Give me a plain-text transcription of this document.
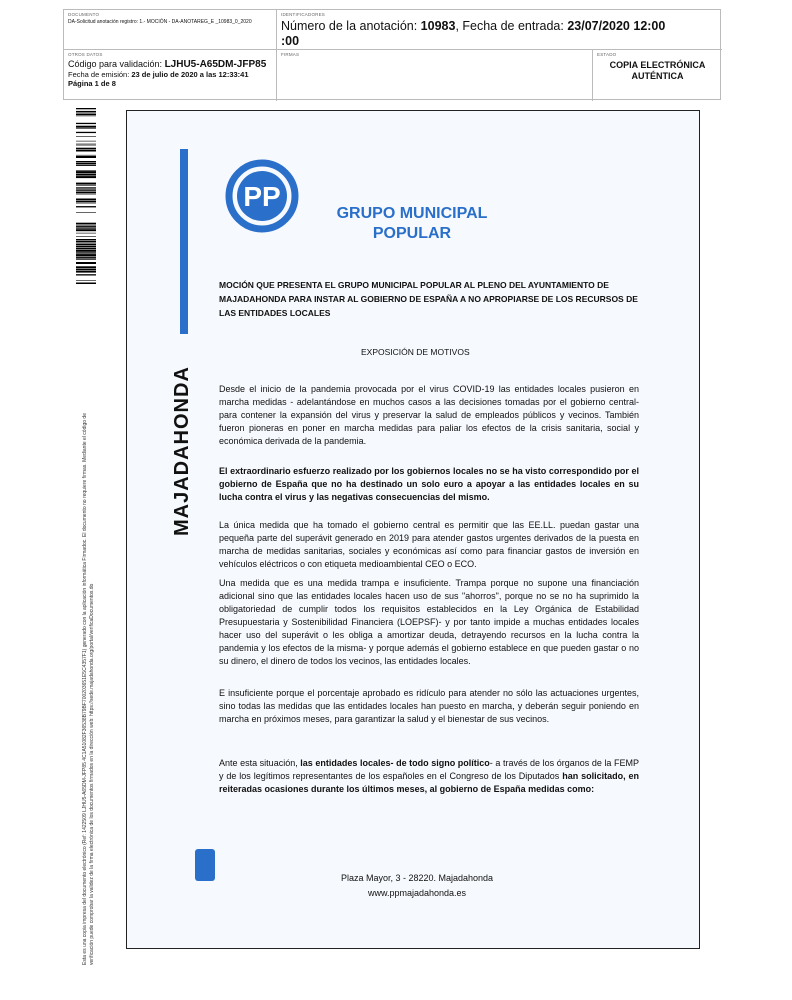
DOCUMENTO
DA-Solicitud anotación registro: 1.- MOCIÓN - DA-ANOTAREG_E _10983_0_2020
IDENTIFICADORES
Número de la anotación: 10983, Fecha de entrada: 23/07/2020 12:00
:00
OTROS DATOS
Código para validación: LJHU5-A65DM-JFP85
Fecha de emisión: 23 de julio de 2020 a las 12:33:41
Página 1 de 8
FIRMAS	ESTADO
COPIA ELECTRÓNICA
AUTÉNTICA
Esta es una copia impresa del documento electrónico (Ref: 1422509 LJHU5-A65DM-JFP85 4C1A51082F36538B79BF700203651E5C4357F1) generado con la aplicación informática Firmadoc. El documento no requiere firmas. Mediante el código de verificación puede comprobar la validez de la firma electrónica de los documentos firmados en la dirección web: https://sede.majadahonda.org/portal/verificaDocumentos.do
PP
GRUPO MUNICIPAL
POPULAR
MOCIÓN QUE PRESENTA EL GRUPO MUNICIPAL POPULAR AL PLENO DEL AYUNTAMIENTO DE MAJADAHONDA PARA INSTAR AL GOBIERNO DE ESPAÑA A NO APROPIARSE DE LOS RECURSOS DE LAS ENTIDADES LOCALES
EXPOSICIÓN DE MOTIVOS
MAJADAHONDA	Desde el inicio de la pandemia provocada por el virus COVID-19 las entidades locales pusieron en marcha medidas - adelantándose en muchos casos a las decisiones tomadas por el gobierno central- para contener la expansión del virus y preservar la salud de empleados públicos y vecinos. También fueron pioneras en poner en marcha medidas para paliar los efectos de la crisis sanitaria, social y económica derivada de la pandemia.
El extraordinario esfuerzo realizado por los gobiernos locales no se ha visto correspondido por el gobierno de España que no ha destinado un solo euro a apoyar a las entidades locales en su lucha contra el virus y las negativas consecuencias del mismo.
La única medida que ha tomado el gobierno central es permitir que las EE.LL. puedan gastar una pequeña parte del superávit generado en 2019 para atender gastos urgentes derivados de la puesta en marcha de medidas sanitarias, sociales y económicas así como para financiar gastos de inversión en vehículos eléctricos o con etiqueta medioambiental CEO o ECO.
Una medida que es una medida trampa e insuficiente. Trampa porque no supone una financiación adicional sino que las entidades locales hacen uso de sus "ahorros", porque no se no ha suprimido la obligatoriedad de cumplir todos los requisitos establecidos en la Ley Orgánica de Estabilidad Presupuestaria y Sostenibilidad Financiera (LOEPSF)- y por tanto impide a muchas entidades locales hacer uso del superávit o les obliga a amortizar deuda, detrayendo recursos en la lucha contra la pandemia y los efectos de la misma- y porque además el gobierno establece en que pueden gastar o no su dinero, el dinero de todos los vecinos, las entidades locales.
E insuficiente porque el porcentaje aprobado es ridículo para atender no sólo las actuaciones urgentes, sino todas las medidas que las entidades locales han puesto en marcha, y deberán seguir poniendo en marcha en próximos meses, para garantizar la salud y el bienestar de sus vecinos.
Ante esta situación, las entidades locales- de todo signo político- a través de los órganos de la FEMP y de los legítimos representantes de los españoles en el Congreso de los Diputados han solicitado, en reiteradas ocasiones durante los últimos meses, al gobierno de España medidas como:
Plaza Mayor, 3 - 28220. Majadahonda
www.ppmajadahonda.es
